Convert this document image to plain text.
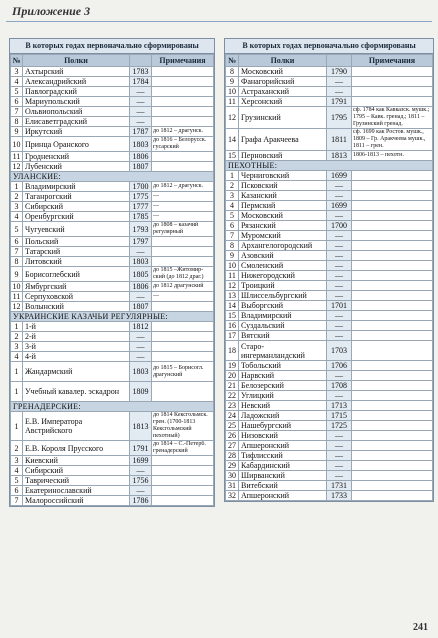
Приложение 3
В которых годах первоначально сформированы
№	Полки		Примечания
3	Ахтырский	1783	
4	Александрийский	1784	
5	Павлоградский	—	
6	Мариупольский	—	
7	Ольвиопольский	—	
8	Елисаветградский	—	
9	Иркутский	1787	до 1812 – драгунск.
10	Принца Оранского	1803	до 1816 – Белорусск. гусарский
11	Гродненский	1806	
12	Лубенский	1807	
УЛАНСКИЕ:			
1	Владимирский	1700	до 1812 – драгунск.
2	Таганрогский	1775	—
3	Сибирский	1777	—
4	Оренбургский	1785	—
5	Чугуевский	1793	до 1808 – казачий регулярный
6	Польский	1797	
7	Татарский	—	
8	Литовский	1803	
9	Борисоглебский	1805	до 1815 –Житомир-ский (до 1812 драг.)
10	Ямбургский	1806	до 1812 драгунский
11	Серпуховской	—	—
12	Волынский	1807	
УКРАИНСКИЕ КАЗАЧЬИ РЕГУЛЯРНЫЕ:			
1	1-й	1812	
2	2-й	—	
3	3-й	—	
4	4-й	—	
1	Жандармский	1803	до 1815 – Борисогл. драгунский
1	Учебный кавалер. эскадрон	1809	
ГРЕНАДЕРСКИЕ:			
1	Е.В. Императора Австрийского	1813	до 1814 Кексгольмск. грен. (1700-1813 Кексгольмский пехотный)
2	Е.В. Короля Прусского	1791	до 1814 – С.-Петерб. гренадерский
3	Киевский	1699	
4	Сибирский	—	
5	Таврический	1756	
6	Екатеринославский	—	
7	Малороссийский	1786	
В которых годах первоначально сформированы
№	Полки		Примечания
8	Московский	1790	
9	Фанагорийский	—	
10	Астраханский	—	
11	Херсонский	1791	
12	Грузинский	1795	сф. 1784 как Кавказск. мушк.; 1795 – Кавк. гренад.; 1811 – Грузинский гренад.
14	Графа Аракчеева	1811	сф. 1699 как Ростов. мушк., 1809 – Гр. Аракчеева мушк., 1811 – грен.
15	Перновский	1813	1806-1813 – пехотн.
ПЕХОТНЫЕ:			
1	Черниговский	1699	
2	Псковский	—	
3	Казанский	—	
4	Пермский	1699	
5	Московский	—	
6	Рязанский	1700	
7	Муромский	—	
8	Архангелогородский	—	
9	Азовский	—	
10	Смоленский	—	
11	Нижегородский	—	
12	Троицкий	—	
13	Шлиссельбургский	—	
14	Выборгский	1701	
15	Владимирский	—	
16	Суздальский	—	
17	Вятский	—	
18	Старо-ингерманландский	1703	
19	Тобольский	1706	
20	Нарвский	—	
21	Белозерский	1708	
22	Углицкий	—	
23	Невский	1713	
24	Ладожский	1715	
25	Нашебургский	1725	
26	Низовский	—	
27	Апшеронский	—	
28	Тифлисский	—	
29	Кабардинский	—	
30	Ширванский	—	
31	Витебский	1731	
32	Апшеронский	1733	
241
